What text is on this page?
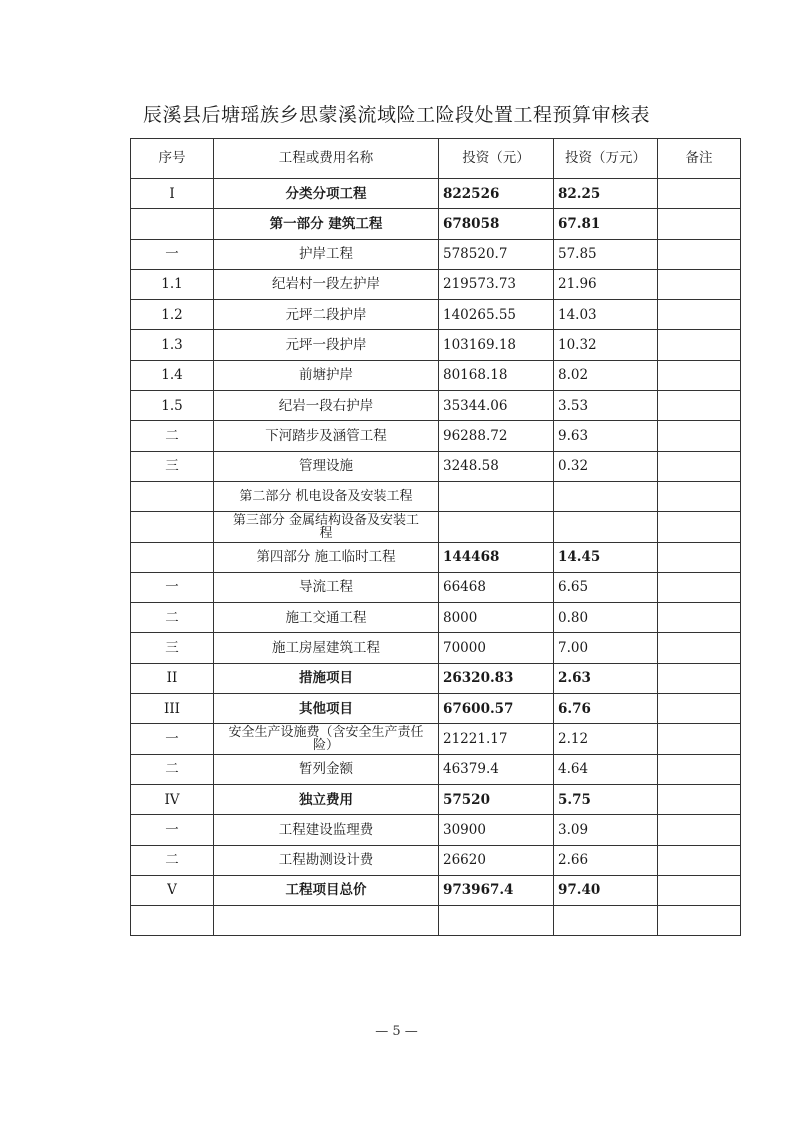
辰溪县后塘瑶族乡思蒙溪流域险工险段处置工程预算审核表
序号	工程或费用名称	投资（元）	投资（万元）	备注
I	分类分项工程	822526	82.25	
	第一部分 建筑工程	678058	67.81	
一	护岸工程	578520.7	57.85	
1.1	纪岩村一段左护岸	219573.73	21.96	
1.2	元坪二段护岸	140265.55	14.03	
1.3	元坪一段护岸	103169.18	10.32	
1.4	前塘护岸	80168.18	8.02	
1.5	纪岩一段右护岸	35344.06	3.53	
二	下河踏步及涵管工程	96288.72	9.63	
三	管理设施	3248.58	0.32	
	第二部分 机电设备及安装工程			
	第三部分 金属结构设备及安装工程			
	第四部分 施工临时工程	144468	14.45	
一	导流工程	66468	6.65	
二	施工交通工程	8000	0.80	
三	施工房屋建筑工程	70000	7.00	
II	措施项目	26320.83	2.63	
III	其他项目	67600.57	6.76	
一	安全生产设施费（含安全生产责任险）	21221.17	2.12	
二	暂列金额	46379.4	4.64	
IV	独立费用	57520	5.75	
一	工程建设监理费	30900	3.09	
二	工程勘测设计费	26620	2.66	
V	工程项目总价	973967.4	97.40	

— 5 —
